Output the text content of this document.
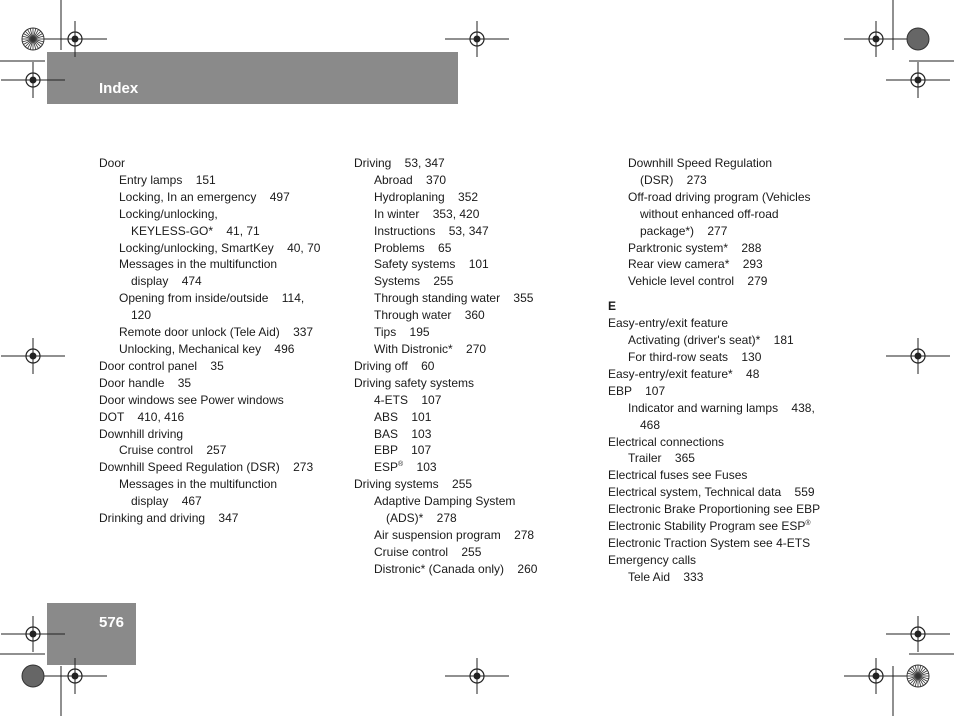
Index
576
Door
Entry lamps    151
Locking, In an emergency    497
Locking/unlocking,
KEYLESS-GO*    41, 71
Locking/unlocking, SmartKey    40, 70
Messages in the multifunction
display    474
Opening from inside/outside    114,
120
Remote door unlock (Tele Aid)    337
Unlocking, Mechanical key    496
Door control panel    35
Door handle    35
Door windows see Power windows
DOT    410, 416
Downhill driving
Cruise control    257
Downhill Speed Regulation (DSR)    273
Messages in the multifunction
display    467
Drinking and driving    347
Driving    53, 347
Abroad    370
Hydroplaning    352
In winter    353, 420
Instructions    53, 347
Problems    65
Safety systems    101
Systems    255
Through standing water    355
Through water    360
Tips    195
With Distronic*    270
Driving off    60
Driving safety systems
4-ETS    107
ABS    101
BAS    103
EBP    107
ESP®    103
Driving systems    255
Adaptive Damping System
(ADS)*    278
Air suspension program    278
Cruise control    255
Distronic* (Canada only)    260
Downhill Speed Regulation
(DSR)    273
Off-road driving program (Vehicles
without enhanced off-road
package*)    277
Parktronic system*    288
Rear view camera*    293
Vehicle level control    279
E
Easy-entry/exit feature
Activating (driver's seat)*    181
For third-row seats    130
Easy-entry/exit feature*    48
EBP    107
Indicator and warning lamps    438,
468
Electrical connections
Trailer    365
Electrical fuses see Fuses
Electrical system, Technical data    559
Electronic Brake Proportioning see EBP
Electronic Stability Program see ESP®
Electronic Traction System see 4-ETS
Emergency calls
Tele Aid    333
